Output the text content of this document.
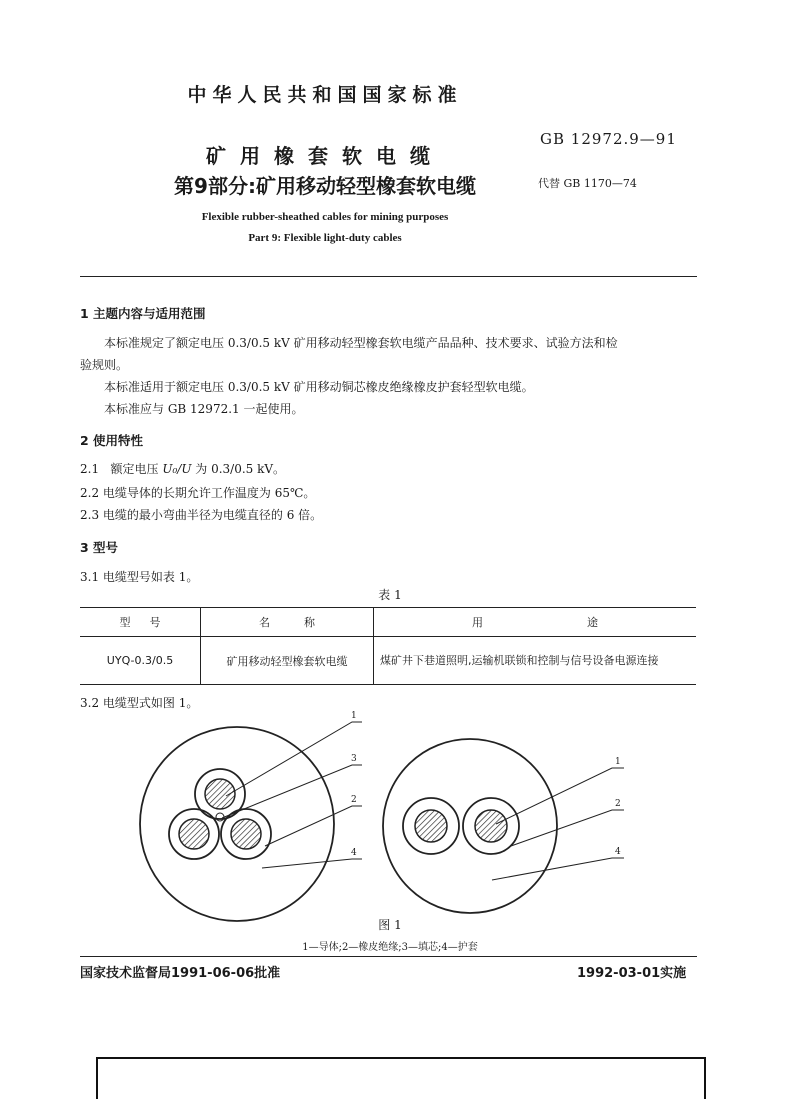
中华人民共和国国家标准
矿用橡套软电缆
第9部分:矿用移动轻型橡套软电缆
GB 12972.9—91
代替 GB 1170—74
Flexible rubber-sheathed cables for mining purposes
Part 9: Flexible light-duty cables
1 主题内容与适用范围
本标准规定了额定电压 0.3/0.5 kV 矿用移动轻型橡套软电缆产品品种、技术要求、试验方法和检
验规则。
本标准适用于额定电压 0.3/0.5 kV 矿用移动铜芯橡皮绝缘橡皮护套轻型软电缆。
本标准应与 GB 12972.1 一起使用。
2 使用特性
2.1 额定电压 U₀/U 为 0.3/0.5 kV。
2.2 电缆导体的长期允许工作温度为 65℃。
2.3 电缆的最小弯曲半径为电缆直径的 6 倍。
3 型号
3.1 电缆型号如表 1。
表 1
型 号	名 称	用 途

UYQ-0.3/0.5	矿用移动轻型橡套软电缆	煤矿井下巷道照明,运输机联锁和控制与信号设备电源连接
3.2 电缆型式如图 1。
1
3
2
4
1
2
4
图 1
1—导体;2—橡皮绝缘;3—填芯;4—护套
国家技术监督局1991-06-06批准	1992-03-01实施
